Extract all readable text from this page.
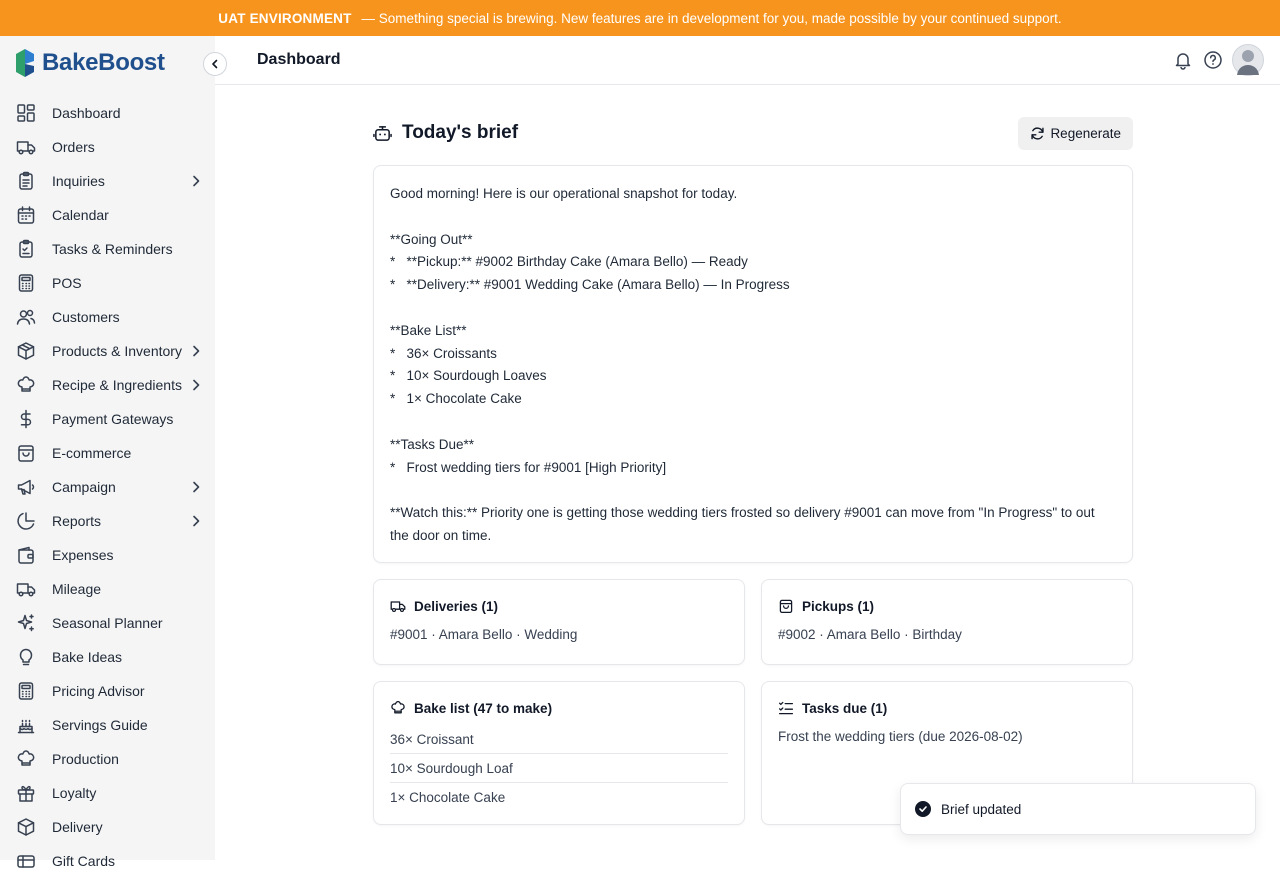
UAT ENVIRONMENT — Something special is brewing. New features are in development for you, made possible by your continued support.
BakeBoost
Dashboard
Orders
Inquiries
Calendar
Tasks & Reminders
POS
Customers
Products & Inventory
Recipe & Ingredients
Payment Gateways
E-commerce
Campaign
Reports
Expenses
Mileage
Seasonal Planner
Bake Ideas
Pricing Advisor
Servings Guide
Production
Loyalty
Delivery
Gift Cards
Dashboard
Today's brief	Regenerate
Good morning! Here is our operational snapshot for today.
**Going Out**
*   **Pickup:** #9002 Birthday Cake (Amara Bello) — Ready
*   **Delivery:** #9001 Wedding Cake (Amara Bello) — In Progress
**Bake List**
*   36× Croissants
*   10× Sourdough Loaves
*   1× Chocolate Cake
**Tasks Due**
*   Frost wedding tiers for #9001 [High Priority]
**Watch this:** Priority one is getting those wedding tiers frosted so delivery #9001 can move from "In Progress" to out
the door on time.
Deliveries (1)
#9001 · Amara Bello · Wedding
Pickups (1)
#9002 · Amara Bello · Birthday
Bake list (47 to make)
36× Croissant
10× Sourdough Loaf
1× Chocolate Cake
Tasks due (1)
Frost the wedding tiers (due 2026-08-02)
Brief updated
